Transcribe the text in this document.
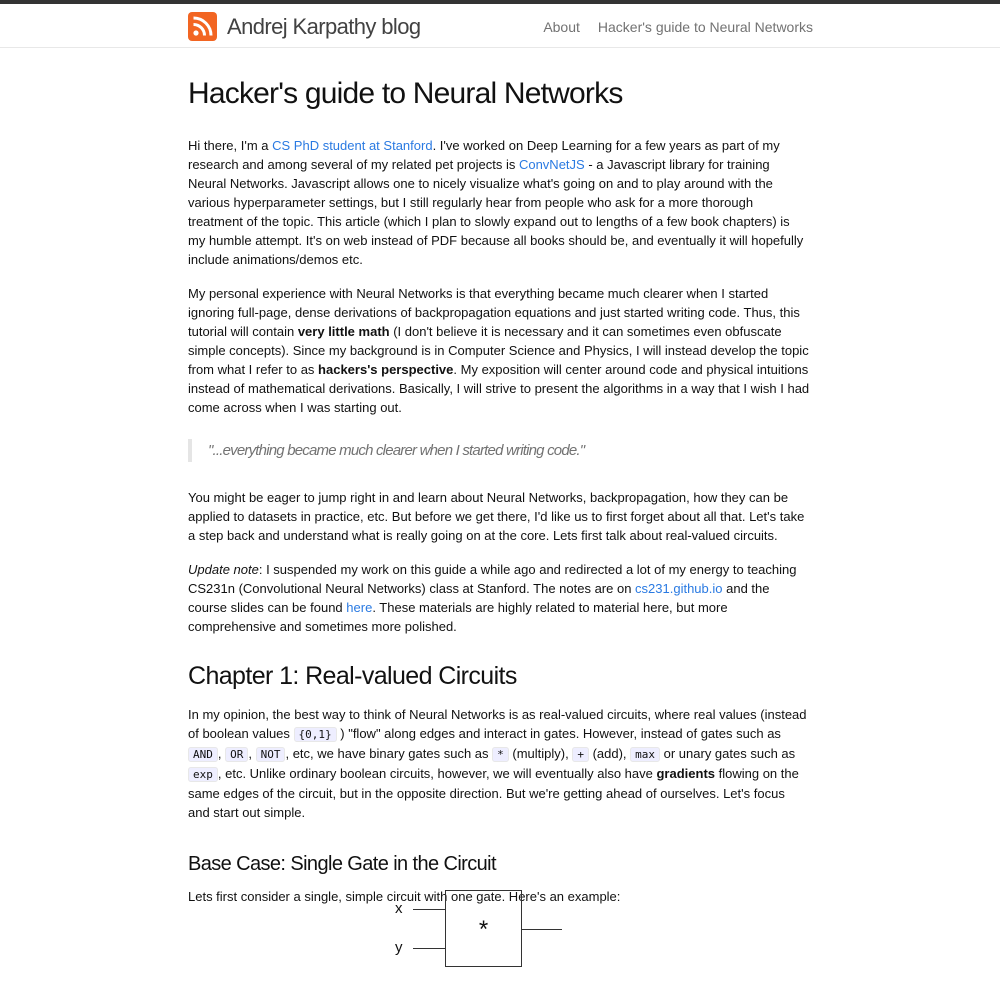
Andrej Karpathy blog	About Hacker's guide to Neural Networks
Hacker's guide to Neural Networks

Hi there, I'm a CS PhD student at Stanford. I've worked on Deep Learning for a few years as part of my research and among several of my related pet projects is ConvNetJS - a Javascript library for training Neural Networks. Javascript allows one to nicely visualize what's going on and to play around with the various hyperparameter settings, but I still regularly hear from people who ask for a more thorough treatment of the topic. This article (which I plan to slowly expand out to lengths of a few book chapters) is my humble attempt. It's on web instead of PDF because all books should be, and eventually it will hopefully include animations/demos etc.

My personal experience with Neural Networks is that everything became much clearer when I started ignoring full-page, dense derivations of backpropagation equations and just started writing code. Thus, this tutorial will contain very little math (I don't believe it is necessary and it can sometimes even obfuscate simple concepts). Since my background is in Computer Science and Physics, I will instead develop the topic from what I refer to as hackers's perspective. My exposition will center around code and physical intuitions instead of mathematical derivations. Basically, I will strive to present the algorithms in a way that I wish I had come across when I was starting out.

"...everything became much clearer when I started writing code."

You might be eager to jump right in and learn about Neural Networks, backpropagation, how they can be applied to datasets in practice, etc. But before we get there, I'd like us to first forget about all that. Let's take a step back and understand what is really going on at the core. Lets first talk about real-valued circuits.

Update note: I suspended my work on this guide a while ago and redirected a lot of my energy to teaching CS231n (Convolutional Neural Networks) class at Stanford. The notes are on cs231.github.io and the course slides can be found here. These materials are highly related to material here, but more comprehensive and sometimes more polished.

Chapter 1: Real-valued Circuits

In my opinion, the best way to think of Neural Networks is as real-valued circuits, where real values (instead of boolean values {0,1} ) "flow" along edges and interact in gates. However, instead of gates such as AND , OR , NOT , etc, we have binary gates such as * (multiply), + (add), max or unary gates such as exp , etc. Unlike ordinary boolean circuits, however, we will eventually also have gradients flowing on the same edges of the circuit, but in the opposite direction. But we're getting ahead of ourselves. Let's focus and start out simple.

Base Case: Single Gate in the Circuit

Lets first consider a single, simple circuit with one gate. Here's an example:

x
y
*
